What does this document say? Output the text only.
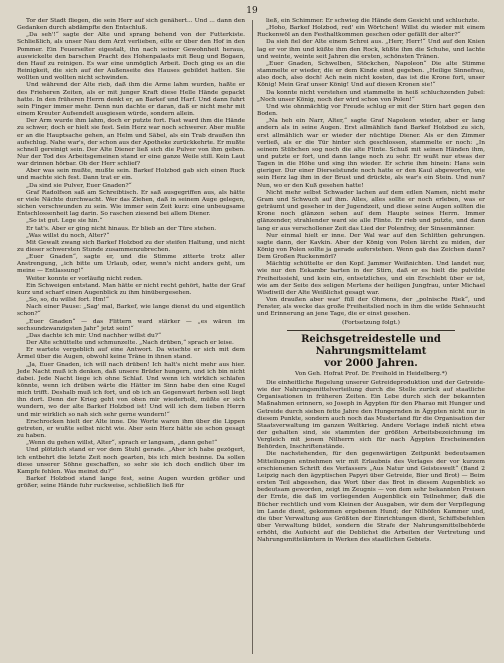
19

Tor der Stadt fliegen, die sein Herr auf sich genähert... Und ... dann den Gedanken durch abdämpfte den Entschluß.

„Da seh'!“ sagte der Alte und sprang behend von der Futterkiste. Schließlich, als unser Nau dem Arzt verlieben, eilte er über den Hof in den Pommer. Ein Feuerselter eigestalt, ihn nach seiner Gewohnheit heraus, auswickelte den barschen Pracht des Hohenpalasts mit Beug und Bogaen, den Hauf zu reinigen. Es war eine unmöglich Arbeit. Doch ging es an die Reinigkeit, die sich auf der Außenseite des Hauses gebildet hatten. Sie wollten und wollten nicht schwinden.

Und während der Alte rieb, daß ihm die Arme lahm wurden, haßte er des Frieheren Zeiten, als er mit junger Kraft diese Helle Hände gepackt hatte. In den früheren Herrn denkt er, an Barkef und Harf. Und dann fuhrt sein Finger immer mehr. Denn nun dachte er daran, daß er nicht mehr mit einem Kreuter Aufsendelt ausgiesen würde, sondern allein.

Der Arm wurde ihm lahm, doch er putzte fort. Fast ward ihm die Hände zu schwer, doch er hielt sie fest. Sein Herz war noch schwerer. Aber mußte er an die Hauptsache gehen, an Helm und Säbel, als ein Trab draußen ihn aufschlug. Nahe war's, der schon aus der Apotheke zurückkehrte. Er mußte schnell gereinigt sein. Der Alte Diener ließ sich die Pulver von ihm geben. Nur der Tod des Arbeitsgemeinen stand er eine ganze Weile still. Kein Laut war drinnen hörbar. Ob der Herr schlief?

Aber was sein mußte, mußte sein. Barkef Holzbod gab sich einen Ruck und machte sich fest. Dann trat er ein.

„Da sind sie Pulver, Euer Gnaden?“

Graf Radolfson saß am Schreibtisch. Er saß ausgegriffen aus, als hätte er viele Nächte durchwacht. Wer das Ziehen, daß in seinem Auge gelegen, sichen verschwunden zu sein. Wie immer sein Zeit kurz: eine unbeugsame Entschlossenheit lag darin. So raschen ziesend bei allem Diener.

„So ist gut. Lege sie hin.“

Er tat's. Aber er ging nicht hinaus. Er blieb an der Türe stehen.

„Was willst du noch, Alter?“

Mit Gewalt zwang sich Barkef Holzbod zu der steifen Haltung, und nicht zu dieser schwersten Stunde zusammenzubrechen.

„Euer Gnaden“, sagte er, und die Stimme zitterte trotz aller Anstrengung, „ich bitte um Urlaub, oder, wenn's nicht anders geht, um meine — Entlassung!“

Weiter konnte er vorläufig nicht reden.

Ein Schweigen entstand. Man hätte er nicht recht gehört, hatte der Graf kurz und scharf einen Augenblick zu ihm hinübergesehen.

„So, so, du willst fort. Hm!“

Nach einer Pause: „Sag' mal, Barkef, wie lange dienst du und eigentlich schon?“

„Euer Gnaden“ — das Flittern ward stärker — „es wären im sechsundzwanzigsten Jahr“ jetzt sein!“

„Das dachte ich mir. Und nachher willst du?“

Der Alte schüttelte und schmunzelte. „Nach drüben,“ sprach er leise.

Er wartete vergeblich auf eine Antwort. Da wischte er sich mit dem Ärmel über die Augen, obwohl keine Träne in ihnen stand.

„Ja, Euer Gnaden, ich will nach drüben! Ich halt's nicht mehr aus hier. Jede Nacht muß ich denken, daß unsere Brüder hungern, und ich bin nicht dabei. Jede Nacht liege ich ohne Schlaf. Und wenn ich wirklich schlafen könnte, wenn ich drüben wärte die Hätter im Sinn habe den eine Kugel mich trifft. Deshalb muß ich fort, und ob ich an Gegenwart ferben soll liegt ihn dort. Denn der Krieg geht von oben mir wiederholt, müßte er sich wundern, wo der alte Barkef Holzbod ist! Und will ich dem lieben Herrn und mir wirklich so nah sich sehr gerne wundern!“

Erschrocken hielt der Alte inne. Die Worte waren ihm über die Lippen getreten, er wußte selbst nicht wie. Aber sein Herz hätte sie schon gesagt zu haben.

„Wenn du gehen willst, Alter“, sprach er langsam, „dann gehe!“

Und plötzlich stand er vor dem Stuhl gerade. „Aber ich habe gezögert, ich entbehrt die letzte Zeit noch gearten, bis ich mich besinne. Da sollen diese unserer Söhne geschaffen, so sehr sie ich doch endlich über im Kampfe fehlen. Was meinst du?“

Barkef Holzbod stand lange fest, seine Augen wurden größer und größer, seine Hände fuhr ruckweise, schließlich ließ für

ließ, ein Schimmer. Er schwieg die Hände dem Gesicht und schluchzte.

„Hoho, Barkef Holzbod, red' ein Wörtchen! Willst du wieder mit einem Ruckenwöl an den Festhaltkommen geschen oder gefällt der alter?“

Da sieh fiel der Alte einem Schrei aus. „Herr, Herr!“ Und auf den Knien lag er vor ihm und küßte ihm den Rock, küßte ihm die Schuhe, und lachte und weinte, weinte seit Jahren die ersten, schönsten Tränen.

„Euer Gnaden, Schwelben, Stöckchen, Napoleon“ Die alte Stimme stammelte er wieder, die er dem Kinde einst gegeben. „Heilige Sinnefrau, also doch, also doch! Ach nein nicht kosten, das ist die Krone fort, unser König! Mein Graf unser König! Und auf diesen Kronen sie!“

Da konnte nicht verstehen und stammelte in heiß schluchzenden Jubel: „Noch unser König, noch der wird schon von Polen!“

Und wie ohnmächtig vor Freude schlug er mit der Stirn hart gegen den Boden.

„Na heh ein Narr, Alter,“ sagte Graf Napoleon wieder, aber er lang andern als in seine Augen. Erst allmählich fand Barkef Holzbod zu sich, erst allmählich war er wieder der nüchtige Diener. Als er den Zimmer verließ, als er die Tür hinter sich geschlossen, stammelte er noch: „In seinem Stübchen sog noch die alte Flinte. Schuß mit seinen Händen ihm, und putzte er fort, und dann lange noch zu sehr. Er wußt nur etwas der Tagen in die Höhe und sing ihn wieder. Er schrie ihm hinein: Hans sein gieriger. Dur einer Dierselstunde noch hatte er den Kaul abgeworfen, wie sein Herz lag ihm in der Brust und drückte, als war's ein Stein. Und nun? Nun, wo er den Kuß gesehen hatte!

Nicht mehr selbst Schwader lachen auf dem edlen Namen, nicht mehr Gram und Schwuch auf ihm. Alles, alles sollte er noch erleben, was er geträumt und geseher in der Jugendzeit, und diese seine Augen sollten die Krone noch glänzen sehen auf dem Haupte seines Herrn. Immer glänzender, strahlender ward sie alle Flinte. Er rieb und putzte, und dann lang er aus verschollener Zeit das Lied der Polenfrey, der Sinsenmänner.

Nur einmal hielt er inne. Der Wal war auf den Schlitten gehrungen. sagte dann, der Kavkin. Aber der König von Polen lärcht zu miden, der König von Polen sollte ja gerade auferstehen. Wenn gab das Zeichen dann? Dem Großen Ruckenmörl?

Mächtig schüttelte er den Kopf. Jammer Weißnichten. Und landet nur, wie nur den Eekambr barten in der Stirn, daß er es hielt die pulvilde Freiheitssiehl, und kein ein, entsetzliches, und ein Erschlebt über er ist, wie am der Seite des seligen Mertens der heiligen Jungfrau, unter Michael Wisdiwill der Alte Weißlichst gesagt war.

Von draußen aber war' füll der Ohmens, der „polnische Riek“, und Fenster, als wecke das große Freiheitslied noch in ihm die wilde Sehnsucht und Erinnerung an jene Tage, die er einst gesehen.

(Fortsetzung folgt.)
Reichsgetreidestelle und Nahrungsmittelamt
vor 2000 Jahren.
Von Geh. Hofrat Prof. Dr. Freihold in Heidelberg.*)

Die einheitliche Regelung unserer Getreideproduktion und der Getreide- wie der Nahrungsmittelverteilung durch die Stelle zurück auf staatliche Organisationen in früheren Zeiten. Ein Lebe durch sich der bekannten Maßnahmen erinnern, so Joseph in Ägypten für den Pharao mit Hunger und Getreide durch sieben fette Jahre den Hungernden in Ägypten nicht nur in diesem Punkte, sondern auch noch das Musterland für die Organisation der Staatsverwaltung im ganzen Weltkrieg. Andere Vorlage indeß nicht etwa der gehalten sind, sie stammten der größten Arbeitsbezeichnung im Vergleich mit jenem Nilherrn sich für nach Ägypten Erscheinenden Behörden, Inschriftenstände.

Die nachstehenden, für den gegenwärtigen Zeitpunkt bedeutsamen Mitteilungen entnehmen wir mit Erlaubnis des Verlages der vor kurzem erschienenen Schrift des Verfassers „Aus Natur und Geisteswelt“ (Band 2 Leipzig nach den ägyptischen Papyri über Getreide, Bier und Brot) — Beim ersten Teil abgesehen, das Wort über das Brot in diesem Augenblick so bedeutsam geworden, zeigt im Zeugnis — von dem sehr bekannten Preisen der Ernte, die daß im vorliegenden Augenblick ein Teilnehmer, daß die Bücher rechtlich und vom Kleinen der Ausgaben, wir dem der Verpflegung im Lande dient, gekommen ergebenen Hund; der Nilhöfen Kammer und, die über Verwaltung aus Größten der Einrichtungen dient, Schiffsbefehlen über Verwaltung bildet, sondern die Strafe der Nahrungsmittelbehörde erhöht, die Aufsicht auf die Deblichst die Arbeiten der Vertretung und Nahrungsmittelämtern in Werken des staatlichen Gebiets.
